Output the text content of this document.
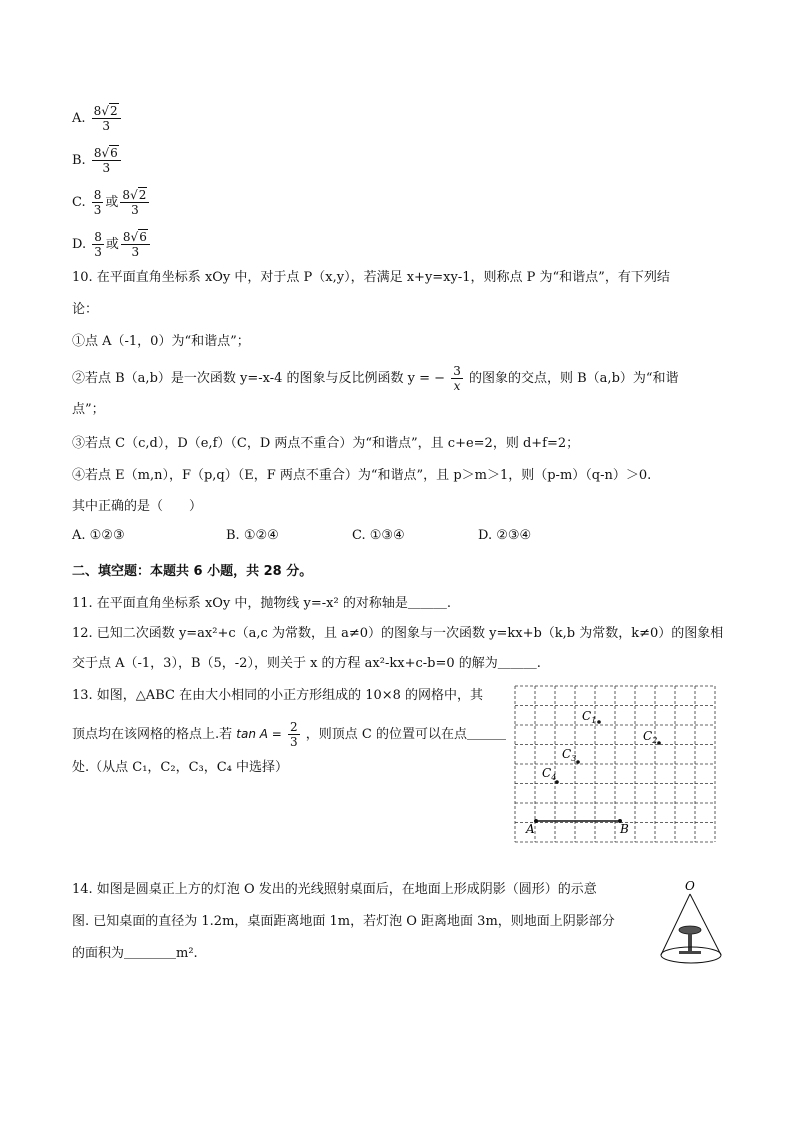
A. $\frac{8√2}{3}$
B. $\frac{8√6}{3}$
C. $\frac{8}{3}$ 或 $\frac{8√2}{3}$
D. $\frac{8}{3}$ 或 $\frac{8√6}{3}$
10. 在平面直角坐标系 xOy 中，对于点 P（x,y），若满足 x+y=xy-1，则称点 P 为“和谐点”，有下列结
论：
①点 A（-1，0）为“和谐点”；
②若点 B（a,b）是一次函数 y=-x-4 的图象与反比例函数 y = − $\frac{3}{x}$ 的图象的交点，则 B（a,b）为“和谐
点”；
③若点 C（c,d），D（e,f）（C，D 两点不重合）为“和谐点”，且 c+e=2，则 d+f=2；
④若点 E（m,n），F（p,q）（E，F 两点不重合）为“和谐点”，且 p＞m＞1，则（p-m）（q-n）＞0.
其中正确的是（　　）
A. ①②③	B. ①②④	C. ①③④	D. ②③④
二、填空题：本题共 6 小题，共 28 分。
11. 在平面直角坐标系 xOy 中，抛物线 y=-x² 的对称轴是＿＿＿.
12. 已知二次函数 y=ax²+c（a,c 为常数，且 a≠0）的图象与一次函数 y=kx+b（k,b 为常数，k≠0）的图象相
交于点 A（-1，3），B（5，-2），则关于 x 的方程 ax²-kx+c-b=0 的解为＿＿＿.
13. 如图，△ABC 在由大小相同的小正方形组成的 10×8 的网格中，其
顶点均在该网格的格点上.若 $\tan A = \frac{2}{3}$ ，则顶点 C 的位置可以在点＿＿＿
处.（从点 C₁，C₂，C₃，C₄ 中选择）
A	B
$C_1$
$C_2$
$C_3$
$C_4$
14. 如图是圆桌正上方的灯泡 O 发出的光线照射桌面后，在地面上形成阴影（圆形）的示意
图. 已知桌面的直径为 1.2m，桌面距离地面 1m，若灯泡 O 距离地面 3m，则地面上阴影部分
的面积为＿＿＿＿m².
O
